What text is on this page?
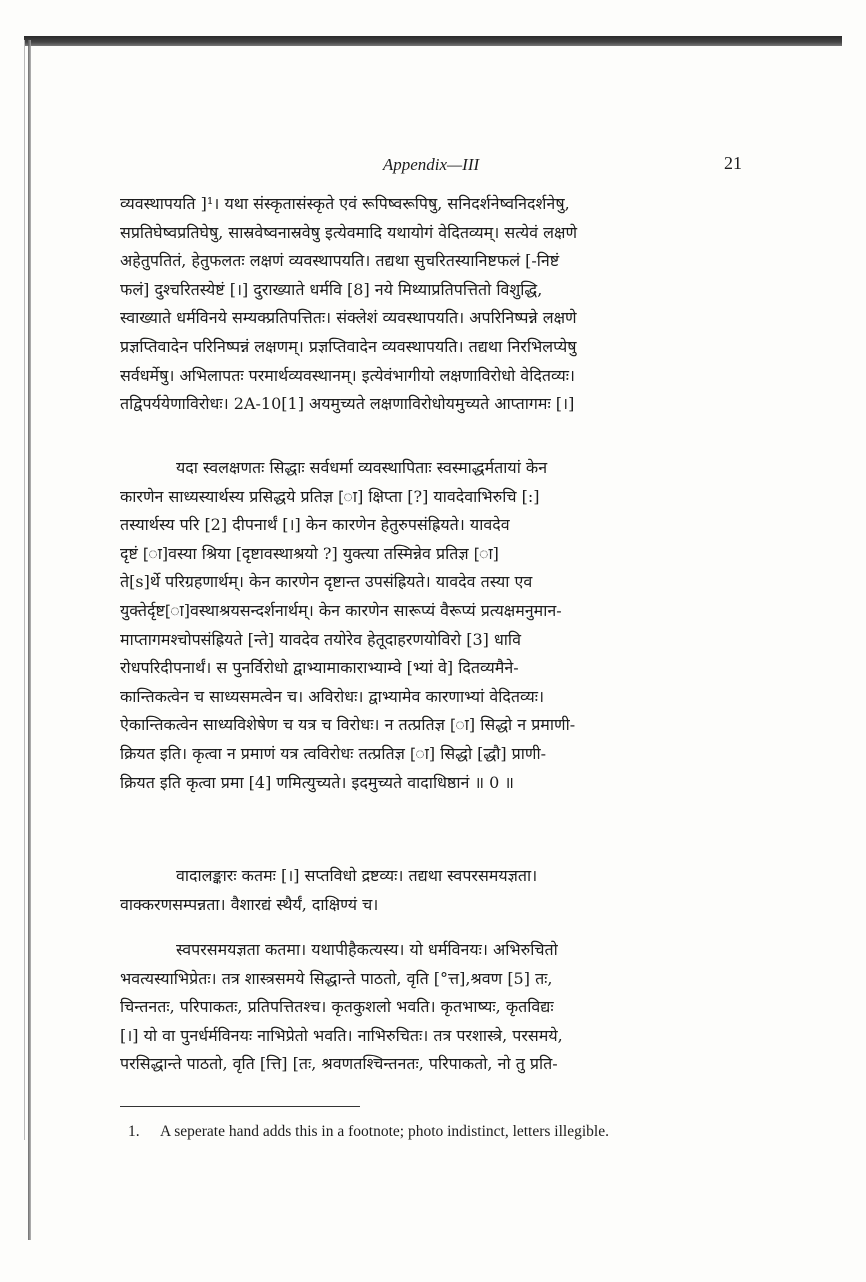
Appendix—III	21

व्यवस्थापयति ]¹। यथा संस्कृतासंस्कृते एवं रूपिष्वरूपिषु, सनिदर्शनेष्वनिदर्शनेषु,
सप्रतिघेष्वप्रतिघेषु, सास्रवेष्वनास्रवेषु इत्येवमादि यथायोगं वेदितव्यम्। सत्येवं लक्षणे
अहेतुपतितं, हेतुफलतः लक्षणं व्यवस्थापयति। तद्यथा सुचरितस्यानिष्टफलं [-निष्टं
फलं] दुश्चरितस्येष्टं [।] दुराख्याते धर्मवि [8] नये मिथ्याप्रतिपत्तितो विशुद्धि,
स्वाख्याते धर्मविनये सम्यक्प्रतिपत्तितः। संक्लेशं व्यवस्थापयति। अपरिनिष्पन्ने लक्षणे
प्रज्ञप्तिवादेन परिनिष्पन्नं लक्षणम्। प्रज्ञप्तिवादेन व्यवस्थापयति। तद्यथा निरभिलप्येषु
सर्वधर्मेषु। अभिलापतः परमार्थव्यवस्थानम्। इत्येवंभागीयो लक्षणाविरोधो वेदितव्यः।
तद्विपर्ययेणाविरोधः। 2A-10[1] अयमुच्यते लक्षणाविरोधोयमुच्यते आप्तागमः [।]

यदा स्वलक्षणतः सिद्धाः सर्वधर्मा व्यवस्थापिताः स्वस्माद्धर्मतायां केन
कारणेन साध्यस्यार्थस्य प्रसिद्धये प्रतिज्ञ [ा] क्षिप्ता [?] यावदेवाभिरुचि [:]
तस्यार्थस्य परि [2] दीपनार्थं [।] केन कारणेन हेतुरुपसंह्रियते। यावदेव
दृष्टं [ा]वस्या श्रिया [दृष्टावस्थाश्रयो ?] युक्त्या तस्मिन्नेव प्रतिज्ञ [ा]
ते[s]र्थे परिग्रहणार्थम्। केन कारणेन दृष्टान्त उपसंह्रियते। यावदेव तस्या एव
युक्तेर्दृष्ट[ा]वस्थाश्रयसन्दर्शनार्थम्। केन कारणेन सारूप्यं वैरूप्यं प्रत्यक्षमनुमान-
माप्तागमश्चोपसंह्रियते [न्ते] यावदेव तयोरेव हेतूदाहरणयोविरो [3] धावि
रोधपरिदीपनार्थं। स पुनर्विरोधो द्वाभ्यामाकाराभ्याम्वे [भ्यां वे] दितव्यमैने-
कान्तिकत्वेन च साध्यसमत्वेन च। अविरोधः। द्वाभ्यामेव कारणाभ्यां वेदितव्यः।
ऐकान्तिकत्वेन साध्यविशेषेण च यत्र च विरोधः। न तत्प्रतिज्ञ [ा] सिद्धो न प्रमाणी-
क्रियत इति। कृत्वा न प्रमाणं यत्र त्वविरोधः तत्प्रतिज्ञ [ा] सिद्धो [द्धौ] प्राणी-
क्रियत इति कृत्वा प्रमा [4] णमित्युच्यते। इदमुच्यते वादाधिष्ठानं ॥ 0 ॥

वादालङ्कारः कतमः [।] सप्तविधो द्रष्टव्यः। तद्यथा स्वपरसमयज्ञता।
वाक्करणसम्पन्नता। वैशारद्यं स्थैर्यं, दाक्षिण्यं च।

स्वपरसमयज्ञता कतमा। यथापीहैकत्यस्य। यो धर्मविनयः। अभिरुचितो
भवत्यस्याभिप्रेतः। तत्र शास्त्रसमये सिद्धान्ते पाठतो, वृति [°त्त],श्रवण [5] तः,
चिन्तनतः, परिपाकतः, प्रतिपत्तितश्च। कृतकुशलो भवति। कृतभाष्यः, कृतविद्यः
[।] यो वा पुनर्धर्मविनयः नाभिप्रेतो भवति। नाभिरुचितः। तत्र परशास्त्रे, परसमये,
परसिद्धान्ते पाठतो, वृति [त्ति] [तः, श्रवणतश्चिन्तनतः, परिपाकतो, नो तु प्रति-

1. A seperate hand adds this in a footnote; photo indistinct, letters illegible.
